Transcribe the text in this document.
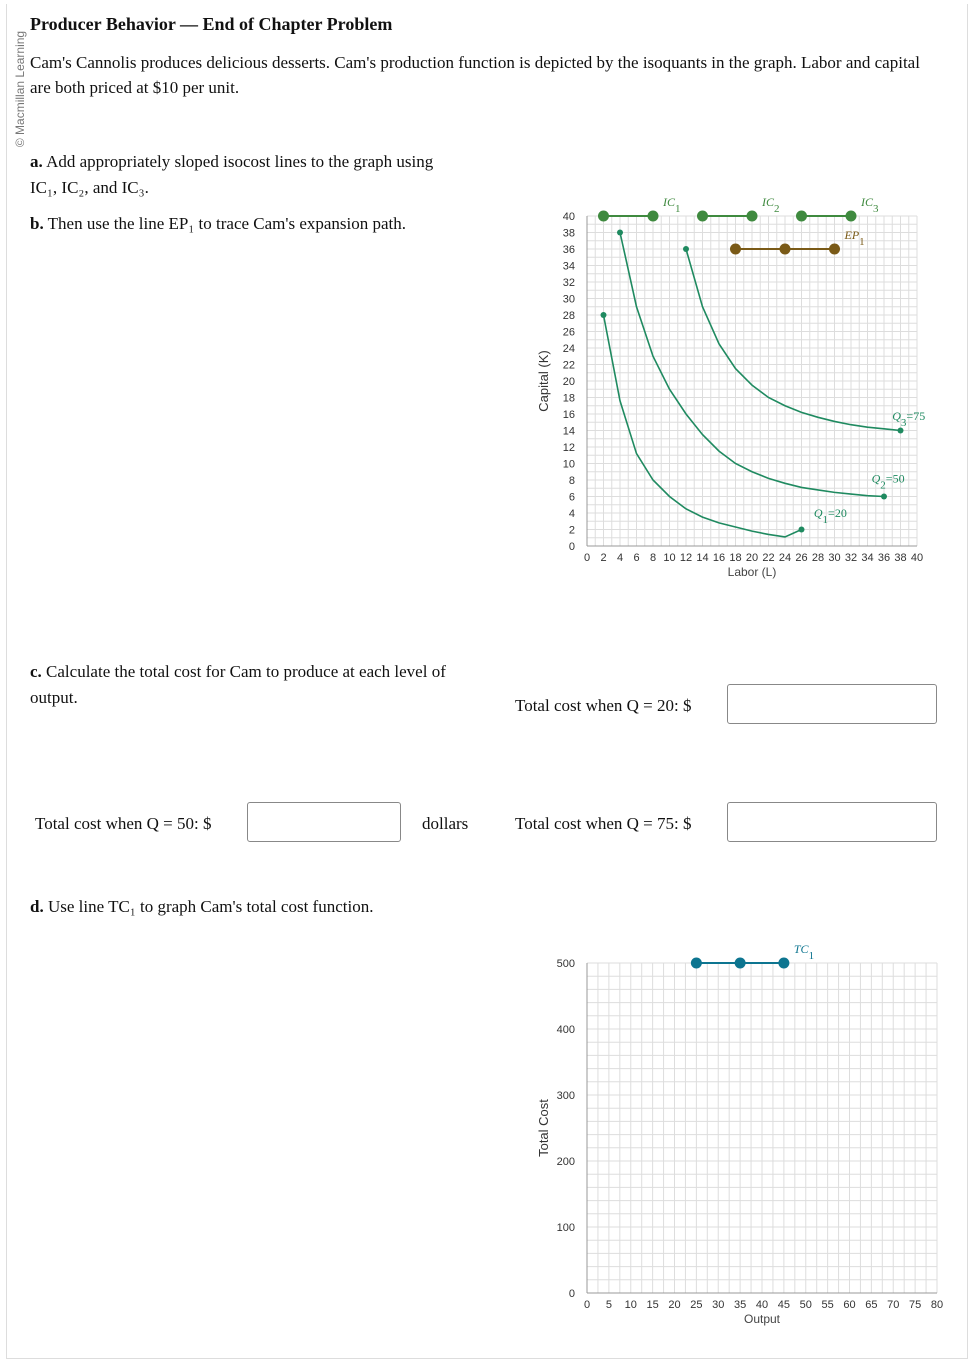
© Macmillan Learning
Producer Behavior — End of Chapter Problem
Cam's Cannolis produces delicious desserts. Cam's production function is depicted by the isoquants in the graph. Labor and capital are both priced at $10 per unit.
a. Add appropriately sloped isocost lines to the graph using
IC₁, IC₂, and IC₃.
b. Then use the line EP₁ to trace Cam's expansion path.
0 2 4 6 8 10 12 14 16 18 20 22 24 26 28 30 32 34 36 38 40
0
2
4
6
8
10
12
14
16
18
20
22
24
26
28
30
32
34
36
38
40
Labor (L)
Capital (K)
Q1=20
Q2=50
Q3=75
IC1	IC2	IC3
EP1
c. Calculate the total cost for Cam to produce at each level of output.	Total cost when Q = 20: $
Total cost when Q = 50: $	dollars	Total cost when Q = 75: $
d. Use line TC₁ to graph Cam's total cost function.
0 5 10 15 20 25 30 35 40 45 50 55 60 65 70 75 80
0
100
200
300
400
500
Output
Total Cost
TC1
